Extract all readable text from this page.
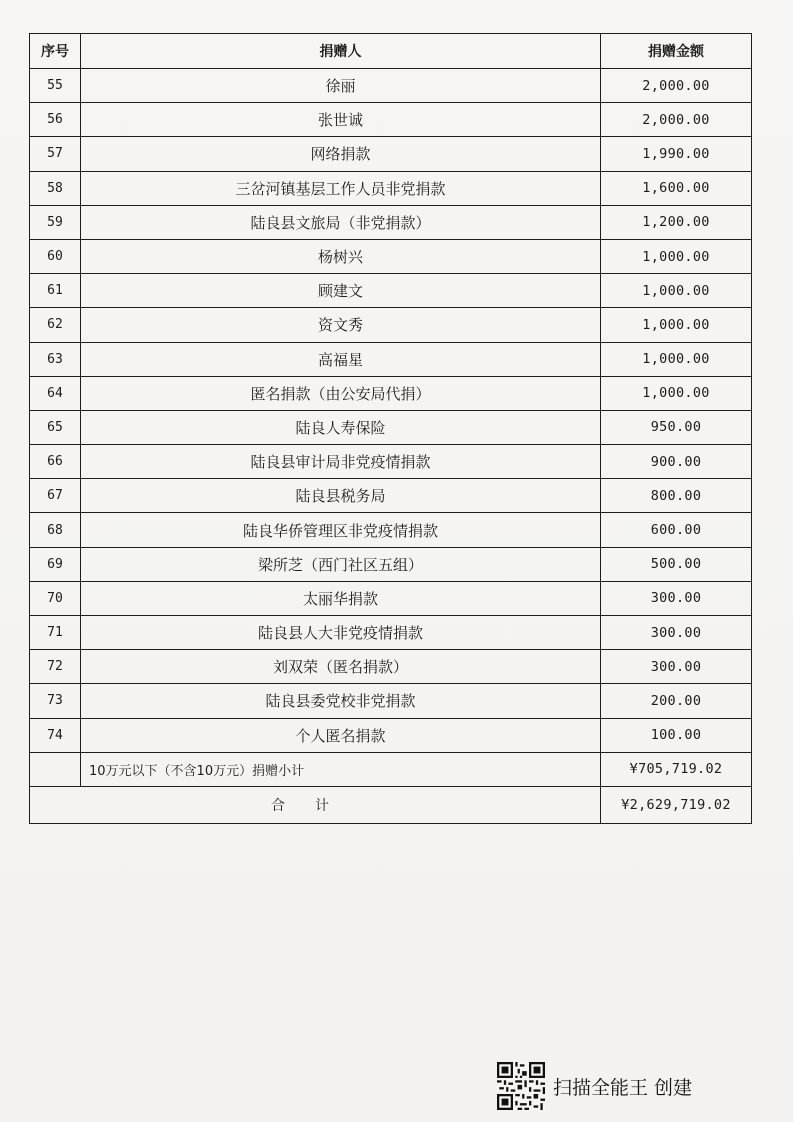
序号	捐赠人	捐赠金额
55	徐丽	2,000.00
56	张世诚	2,000.00
57	网络捐款	1,990.00
58	三岔河镇基层工作人员非党捐款	1,600.00
59	陆良县文旅局（非党捐款）	1,200.00
60	杨树兴	1,000.00
61	顾建文	1,000.00
62	资文秀	1,000.00
63	高福星	1,000.00
64	匿名捐款（由公安局代捐）	1,000.00
65	陆良人寿保险	950.00
66	陆良县审计局非党疫情捐款	900.00
67	陆良县税务局	800.00
68	陆良华侨管理区非党疫情捐款	600.00
69	梁所芝（西门社区五组）	500.00
70	太丽华捐款	300.00
71	陆良县人大非党疫情捐款	300.00
72	刘双荣（匿名捐款）	300.00
73	陆良县委党校非党捐款	200.00
74	个人匿名捐款	100.00
	10万元以下（不含10万元）捐赠小计	¥705,719.02
合计		¥2,629,719.02
扫描全能王 创建
